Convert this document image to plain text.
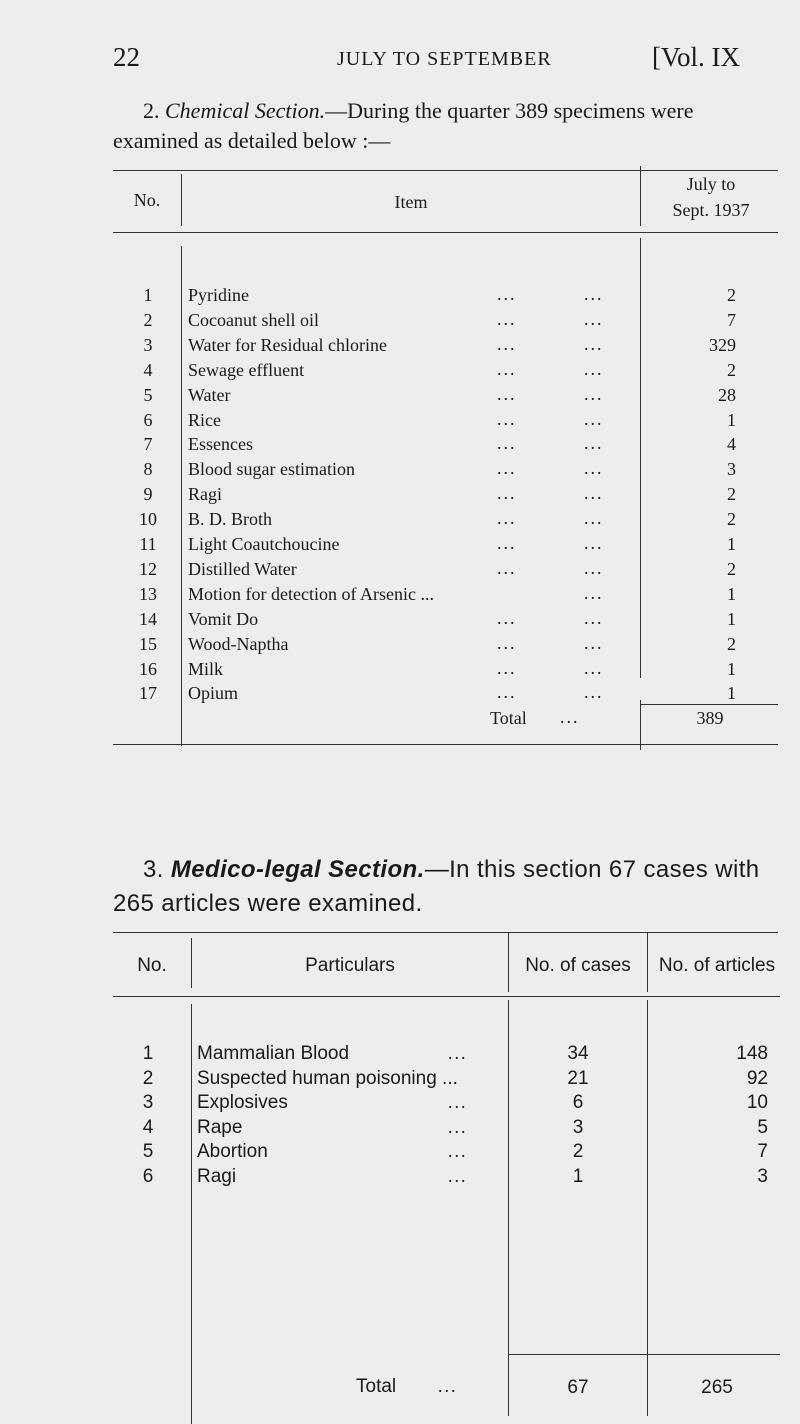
22	JULY TO SEPTEMBER	[Vol. IX
2. Chemical Section.—During the quarter 389 specimens were examined as detailed below :—
No.	Item
July to
Sept. 1937
1	Pyridine	...	...	2
2	Cocoanut shell oil	...	...	7
3	Water for Residual chlorine	...	...	329
4	Sewage effluent	...	...	2
5	Water	...	...	28
6	Rice	...	...	1
7	Essences	...	...	4
8	Blood sugar estimation	...	...	3
9	Ragi	...	...	2
10	B. D. Broth	...	...	2
11	Light Coautchoucine	...	...	1
12	Distilled Water	...	...	2
13	Motion for detection of Arsenic ...	...	1
14	Vomit Do	...	...	1
15	Wood-Naptha	...	...	2
16	Milk	...	...	1
17	Opium	...	...	1
Total ...	389
3. Medico-legal Section.—In this section 67 cases with 265 articles were examined.
No.	Particulars	No. of cases	No. of articles
1	Mammalian Blood	...	34	148
2	Suspected human poisoning ...	21	92
3	Explosives	...	6	10
4	Rape	...	3	5
5	Abortion	...	2	7
6	Ragi	...	1	3
Total ...	67	265
